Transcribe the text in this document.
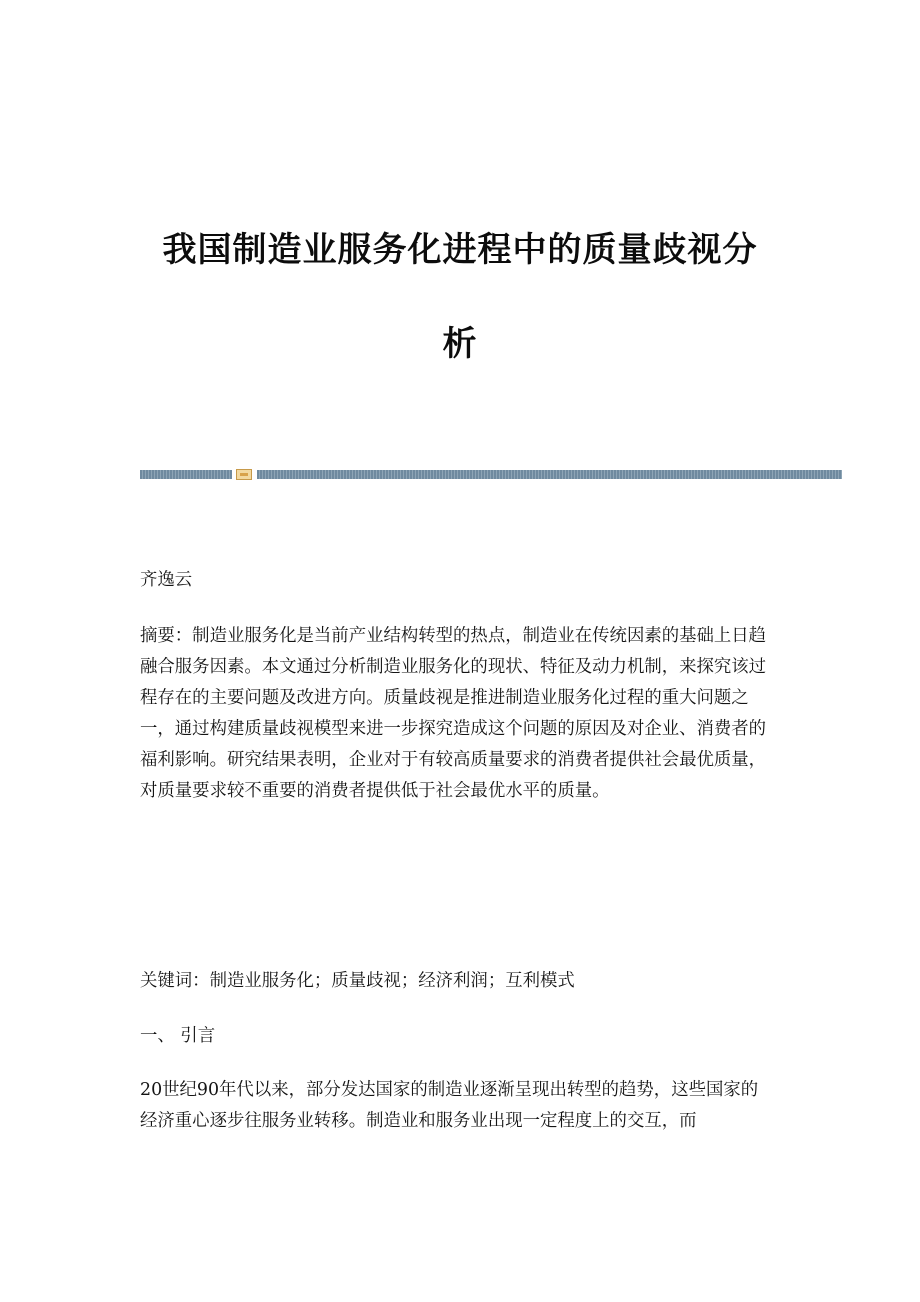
我国制造业服务化进程中的质量歧视分
析
齐逸云

摘要：制造业服务化是当前产业结构转型的热点，制造业在传统因素的基础上日趋融合服务因素。本文通过分析制造业服务化的现状、特征及动力机制，来探究该过程存在的主要问题及改进方向。质量歧视是推进制造业服务化过程的重大问题之一，通过构建质量歧视模型来进一步探究造成这个问题的原因及对企业、消费者的福利影响。研究结果表明，企业对于有较高质量要求的消费者提供社会最优质量，对质量要求较不重要的消费者提供低于社会最优水平的质量。

关键词：制造业服务化；质量歧视；经济利润；互利模式
一、 引言

20世纪90年代以来，部分发达国家的制造业逐渐呈现出转型的趋势，这些国家的经济重心逐步往服务业转移。制造业和服务业出现一定程度上的交互，而
